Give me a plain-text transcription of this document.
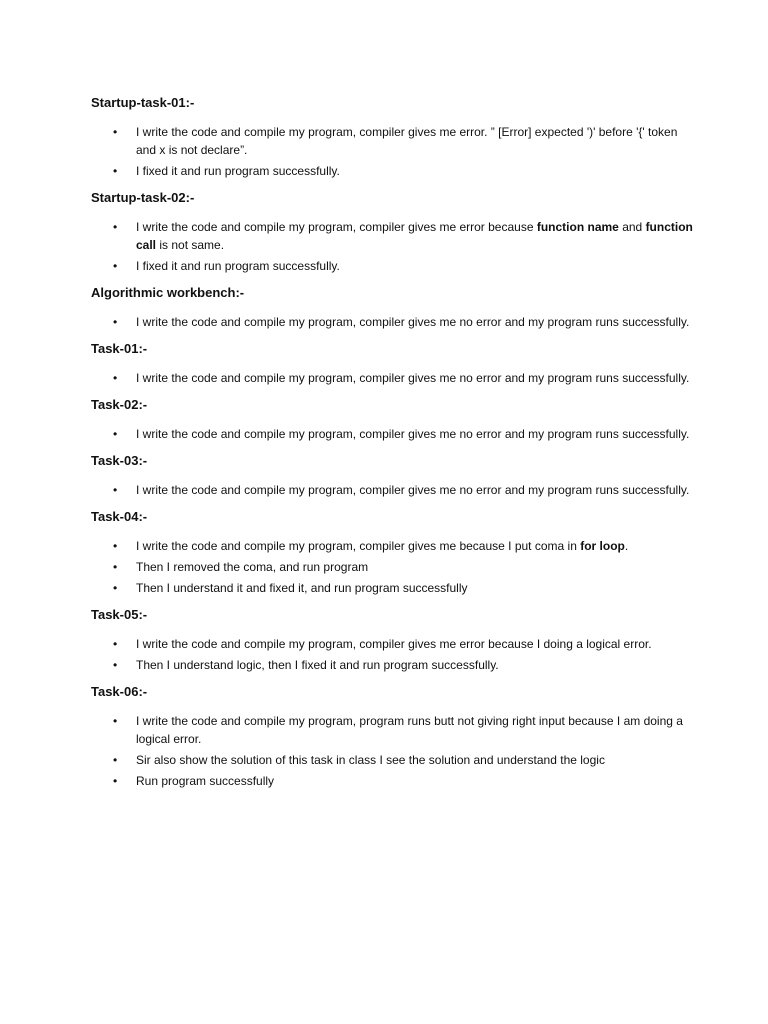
Startup-task-01:-
• I write the code and compile my program, compiler gives me error. ” [Error] expected ')' before '{' token and x is not declare”.
• I fixed it and run program successfully.
Startup-task-02:-
• I write the code and compile my program, compiler gives me error because function name and function call is not same.
• I fixed it and run program successfully.
Algorithmic workbench:-
• I write the code and compile my program, compiler gives me no error and my program runs successfully.
Task-01:-
• I write the code and compile my program, compiler gives me no error and my program runs successfully.
Task-02:-
• I write the code and compile my program, compiler gives me no error and my program runs successfully.
Task-03:-
• I write the code and compile my program, compiler gives me no error and my program runs successfully.
Task-04:-
• I write the code and compile my program, compiler gives me because I put coma in for loop.
• Then I removed the coma, and run program
• Then I understand it and fixed it, and run program successfully
Task-05:-
• I write the code and compile my program, compiler gives me error because I doing a logical error.
• Then I understand logic, then I fixed it and run program successfully.
Task-06:-
• I write the code and compile my program, program runs butt not giving right input because I am doing a logical error.
• Sir also show the solution of this task in class I see the solution and understand the logic
• Run program successfully
